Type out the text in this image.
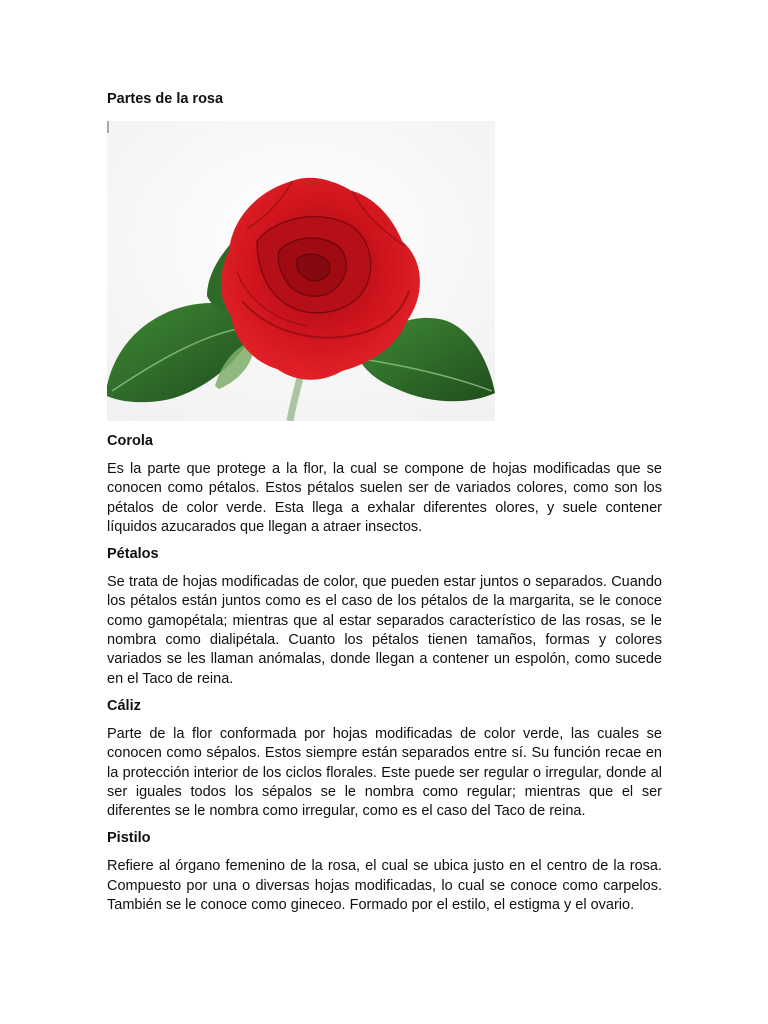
Partes de la rosa
Corola

Es la parte que protege a la flor, la cual se compone de hojas modificadas que se conocen como pétalos. Estos pétalos suelen ser de variados colores, como son los pétalos de color verde. Esta llega a exhalar diferentes olores, y suele contener líquidos azucarados que llegan a atraer insectos.

Pétalos

Se trata de hojas modificadas de color, que pueden estar juntos o separados. Cuando los pétalos están juntos como es el caso de los pétalos de la margarita, se le conoce como gamopétala; mientras que al estar separados característico de las rosas, se le nombra como dialipétala. Cuanto los pétalos tienen tamaños, formas y colores variados se les llaman anómalas, donde llegan a contener un espolón, como sucede en el Taco de reina.

Cáliz

Parte de la flor conformada por hojas modificadas de color verde, las cuales se conocen como sépalos. Estos siempre están separados entre sí. Su función recae en la protección interior de los ciclos florales. Este puede ser regular o irregular, donde al ser iguales todos los sépalos se le nombra como regular; mientras que el ser diferentes se le nombra como irregular, como es el caso del Taco de reina.

Pistilo

Refiere al órgano femenino de la rosa, el cual se ubica justo en el centro de la rosa. Compuesto por una o diversas hojas modificadas, lo cual se conoce como carpelos. También se le conoce como gineceo. Formado por el estilo, el estigma y el ovario.
